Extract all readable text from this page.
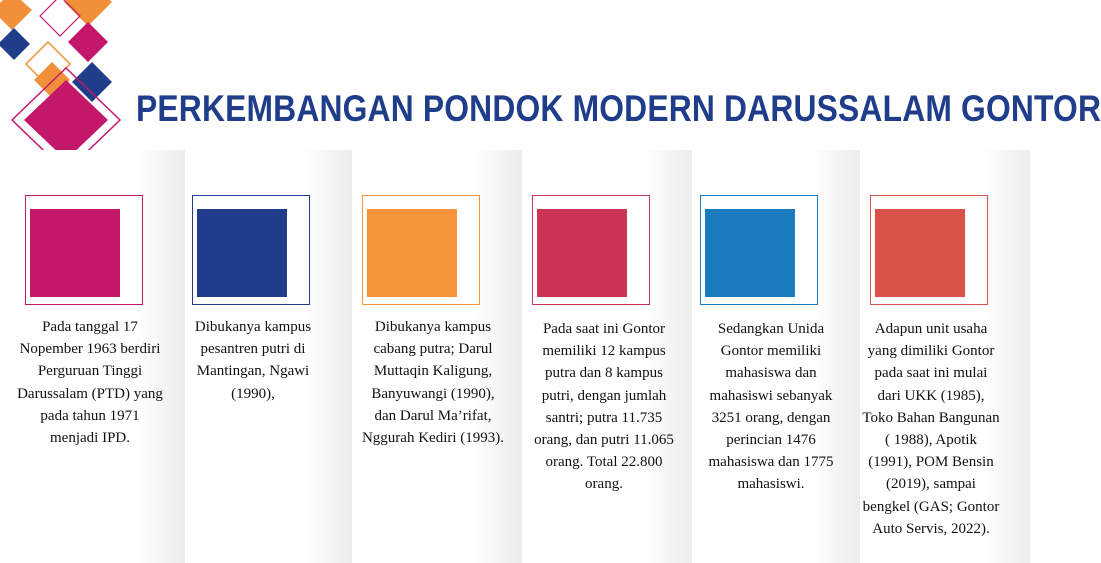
PERKEMBANGAN PONDOK MODERN DARUSSALAM GONTOR
Pada tanggal 17 Nopember 1963 berdiri Perguruan Tinggi Darussalam (PTD) yang pada tahun 1971 menjadi IPD.
Dibukanya kampus pesantren putri di Mantingan, Ngawi (1990),
Dibukanya kampus cabang putra; Darul Muttaqin Kaligung, Banyuwangi (1990), dan Darul Ma’rifat, Nggurah Kediri (1993).
Pada saat ini Gontor memiliki 12 kampus putra dan 8 kampus putri, dengan jumlah santri; putra 11.735 orang, dan putri 11.065 orang. Total 22.800 orang.
Sedangkan Unida Gontor memiliki mahasiswa dan mahasiswi sebanyak 3251 orang, dengan perincian 1476 mahasiswa dan 1775 mahasiswi.
Adapun unit usaha yang dimiliki Gontor pada saat ini mulai dari UKK (1985), Toko Bahan Bangunan ( 1988), Apotik (1991), POM Bensin (2019), sampai bengkel (GAS; Gontor Auto Servis, 2022).
